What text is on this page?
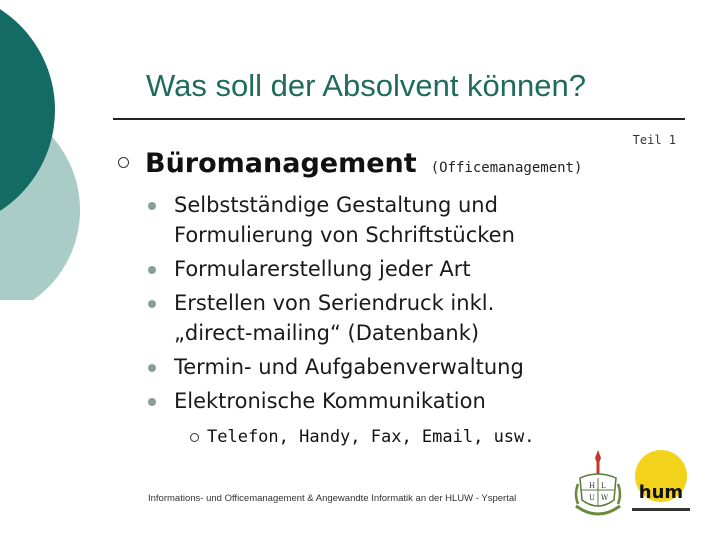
Was soll der Absolvent können?
Teil 1
Büromanagement (Officemanagement)
Selbstständige Gestaltung und
Formulierung von Schriftstücken
Formularerstellung jeder Art
Erstellen von Seriendruck inkl.
„direct-mailing“ (Datenbank)
Termin- und Aufgabenverwaltung
Elektronische Kommunikation
Telefon, Handy, Fax, Email, usw.
Informations- und Officemanagement & Angewandte Informatik an der HLUW - Yspertal
H L
U W hum
